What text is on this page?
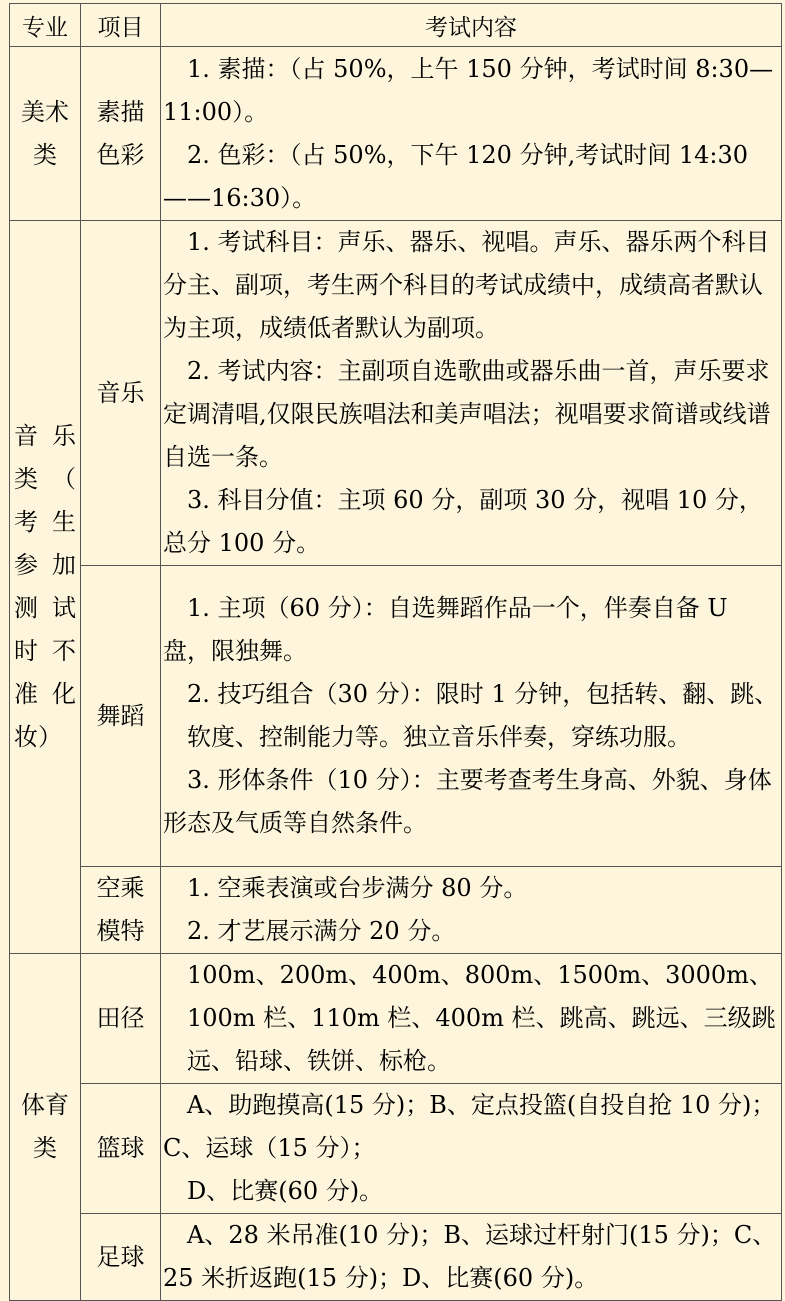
专业	项目	考试内容
美术类	素描色彩	1. 素描：（占 50%，上午 150 分钟，考试时间 8:30—11:00）。
2. 色彩：（占 50%，下午 120 分钟,考试时间 14:30——16:30）。

音 乐类（ 考生 参加 测试 时不 准化 妆）	音乐	1. 考试科目：声乐、器乐、视唱。声乐、器乐两个科目分主、副项，考生两个科目的考试成绩中，成绩高者默认为主项，成绩低者默认为副项。
2. 考试内容：主副项自选歌曲或器乐曲一首，声乐要求定调清唱,仅限民族唱法和美声唱法；视唱要求简谱或线谱自选一条。
3. 科目分值：主项 60 分，副项 30 分，视唱 10 分，总分 100 分。

	舞蹈	1. 主项（60 分）：自选舞蹈作品一个，伴奏自备 U 盘，限独舞。
2. 技巧组合（30 分）：限时 1 分钟，包括转、翻、跳、软度、控制能力等。独立音乐伴奏，穿练功服。
3. 形体条件（10 分）：主要考查考生身高、外貌、身体形态及气质等自然条件。

	空乘模特	1. 空乘表演或台步满分 80 分。
2. 才艺展示满分 20 分。

体育类	田径	100m、200m、400m、800m、1500m、3000m、100m 栏、110m 栏、400m 栏、跳高、跳远、三级跳远、铅球、铁饼、标枪。

	篮球	A、助跑摸高(15 分)；B、定点投篮(自投自抢 10 分)；C、运球（15 分）；
D、比赛(60 分)。

	足球	A、28 米吊准(10 分)；B、运球过杆射门(15 分)；C、25 米折返跑(15 分)；D、比赛(60 分)。
